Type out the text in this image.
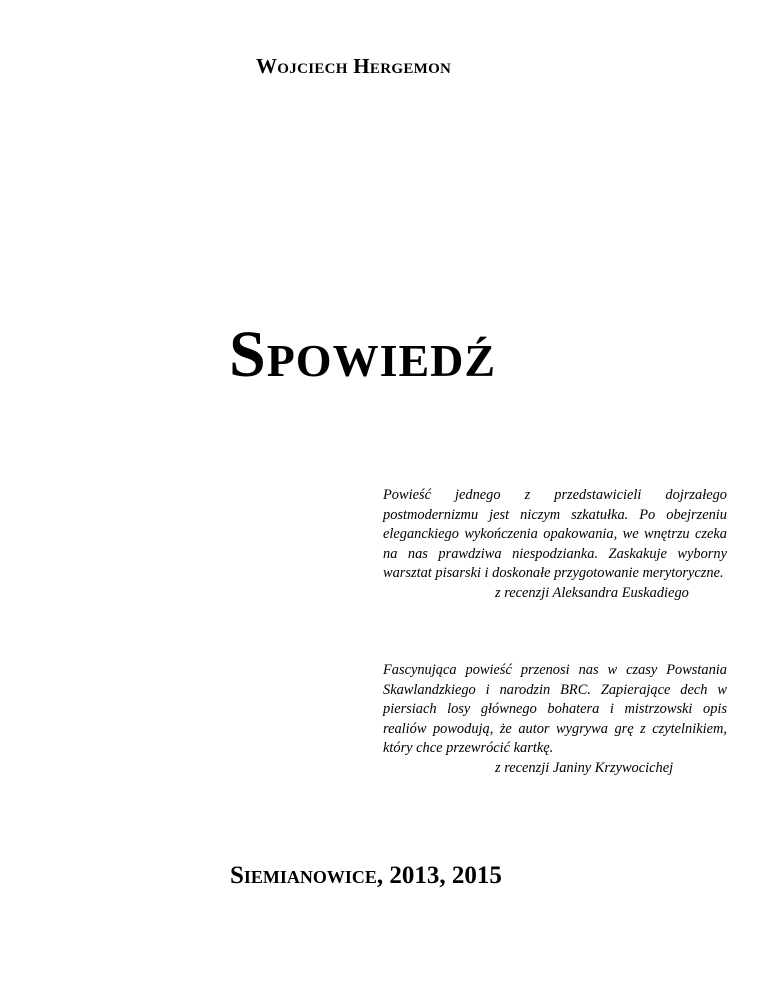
Wojciech Hergemon
Spowiedź

Powieść jednego z przedstawicieli dojrzałego postmodernizmu jest niczym szkatułka. Po obejrzeniu eleganckiego wykończenia opakowania, we wnętrzu czeka na nas prawdziwa niespodzianka. Zaskakuje wyborny warsztat pisarski i doskonałe przygotowanie merytoryczne.

z recenzji Aleksandra Euskadiego

Fascynująca powieść przenosi nas w czasy Powstania Skawlandzkiego i narodzin BRC. Zapierające dech w piersiach losy głównego bohatera i mistrzowski opis realiów powodują, że autor wygrywa grę z czytelnikiem, który chce przewrócić kartkę.

z recenzji Janiny Krzywocichej
Siemianowice, 2013, 2015
